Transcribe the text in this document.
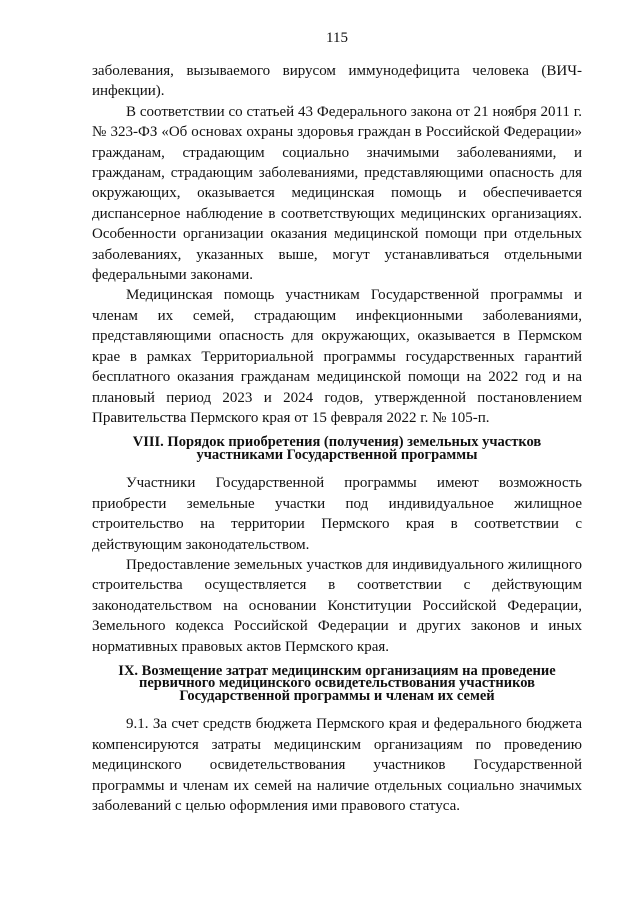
115

заболевания, вызываемого вирусом иммунодефицита человека (ВИЧ-инфекции).

В соответствии со статьей 43 Федерального закона от 21 ноября 2011 г. № 323-ФЗ «Об основах охраны здоровья граждан в Российской Федерации» гражданам, страдающим социально значимыми заболеваниями, и гражданам, страдающим заболеваниями, представляющими опасность для окружающих, оказывается медицинская помощь и обеспечивается диспансерное наблюдение в соответствующих медицинских организациях. Особенности организации оказания медицинской помощи при отдельных заболеваниях, указанных выше, могут устанавливаться отдельными федеральными законами.

Медицинская помощь участникам Государственной программы и членам их семей, страдающим инфекционными заболеваниями, представляющими опасность для окружающих, оказывается в Пермском крае в рамках Территориальной программы государственных гарантий бесплатного оказания гражданам медицинской помощи на 2022 год и на плановый период 2023 и 2024 годов, утвержденной постановлением Правительства Пермского края от 15 февраля 2022 г. № 105-п.

VIII. Порядок приобретения (получения) земельных участков участниками Государственной программы

Участники Государственной программы имеют возможность приобрести земельные участки под индивидуальное жилищное строительство на территории Пермского края в соответствии с действующим законодательством.

Предоставление земельных участков для индивидуального жилищного строительства осуществляется в соответствии с действующим законодательством на основании Конституции Российской Федерации, Земельного кодекса Российской Федерации и других законов и иных нормативных правовых актов Пермского края.

IX. Возмещение затрат медицинским организациям на проведение первичного медицинского освидетельствования участников Государственной программы и членам их семей

9.1. За счет средств бюджета Пермского края и федерального бюджета компенсируются затраты медицинским организациям по проведению медицинского освидетельствования участников Государственной программы и членам их семей на наличие отдельных социально значимых заболеваний с целью оформления ими правового статуса.
